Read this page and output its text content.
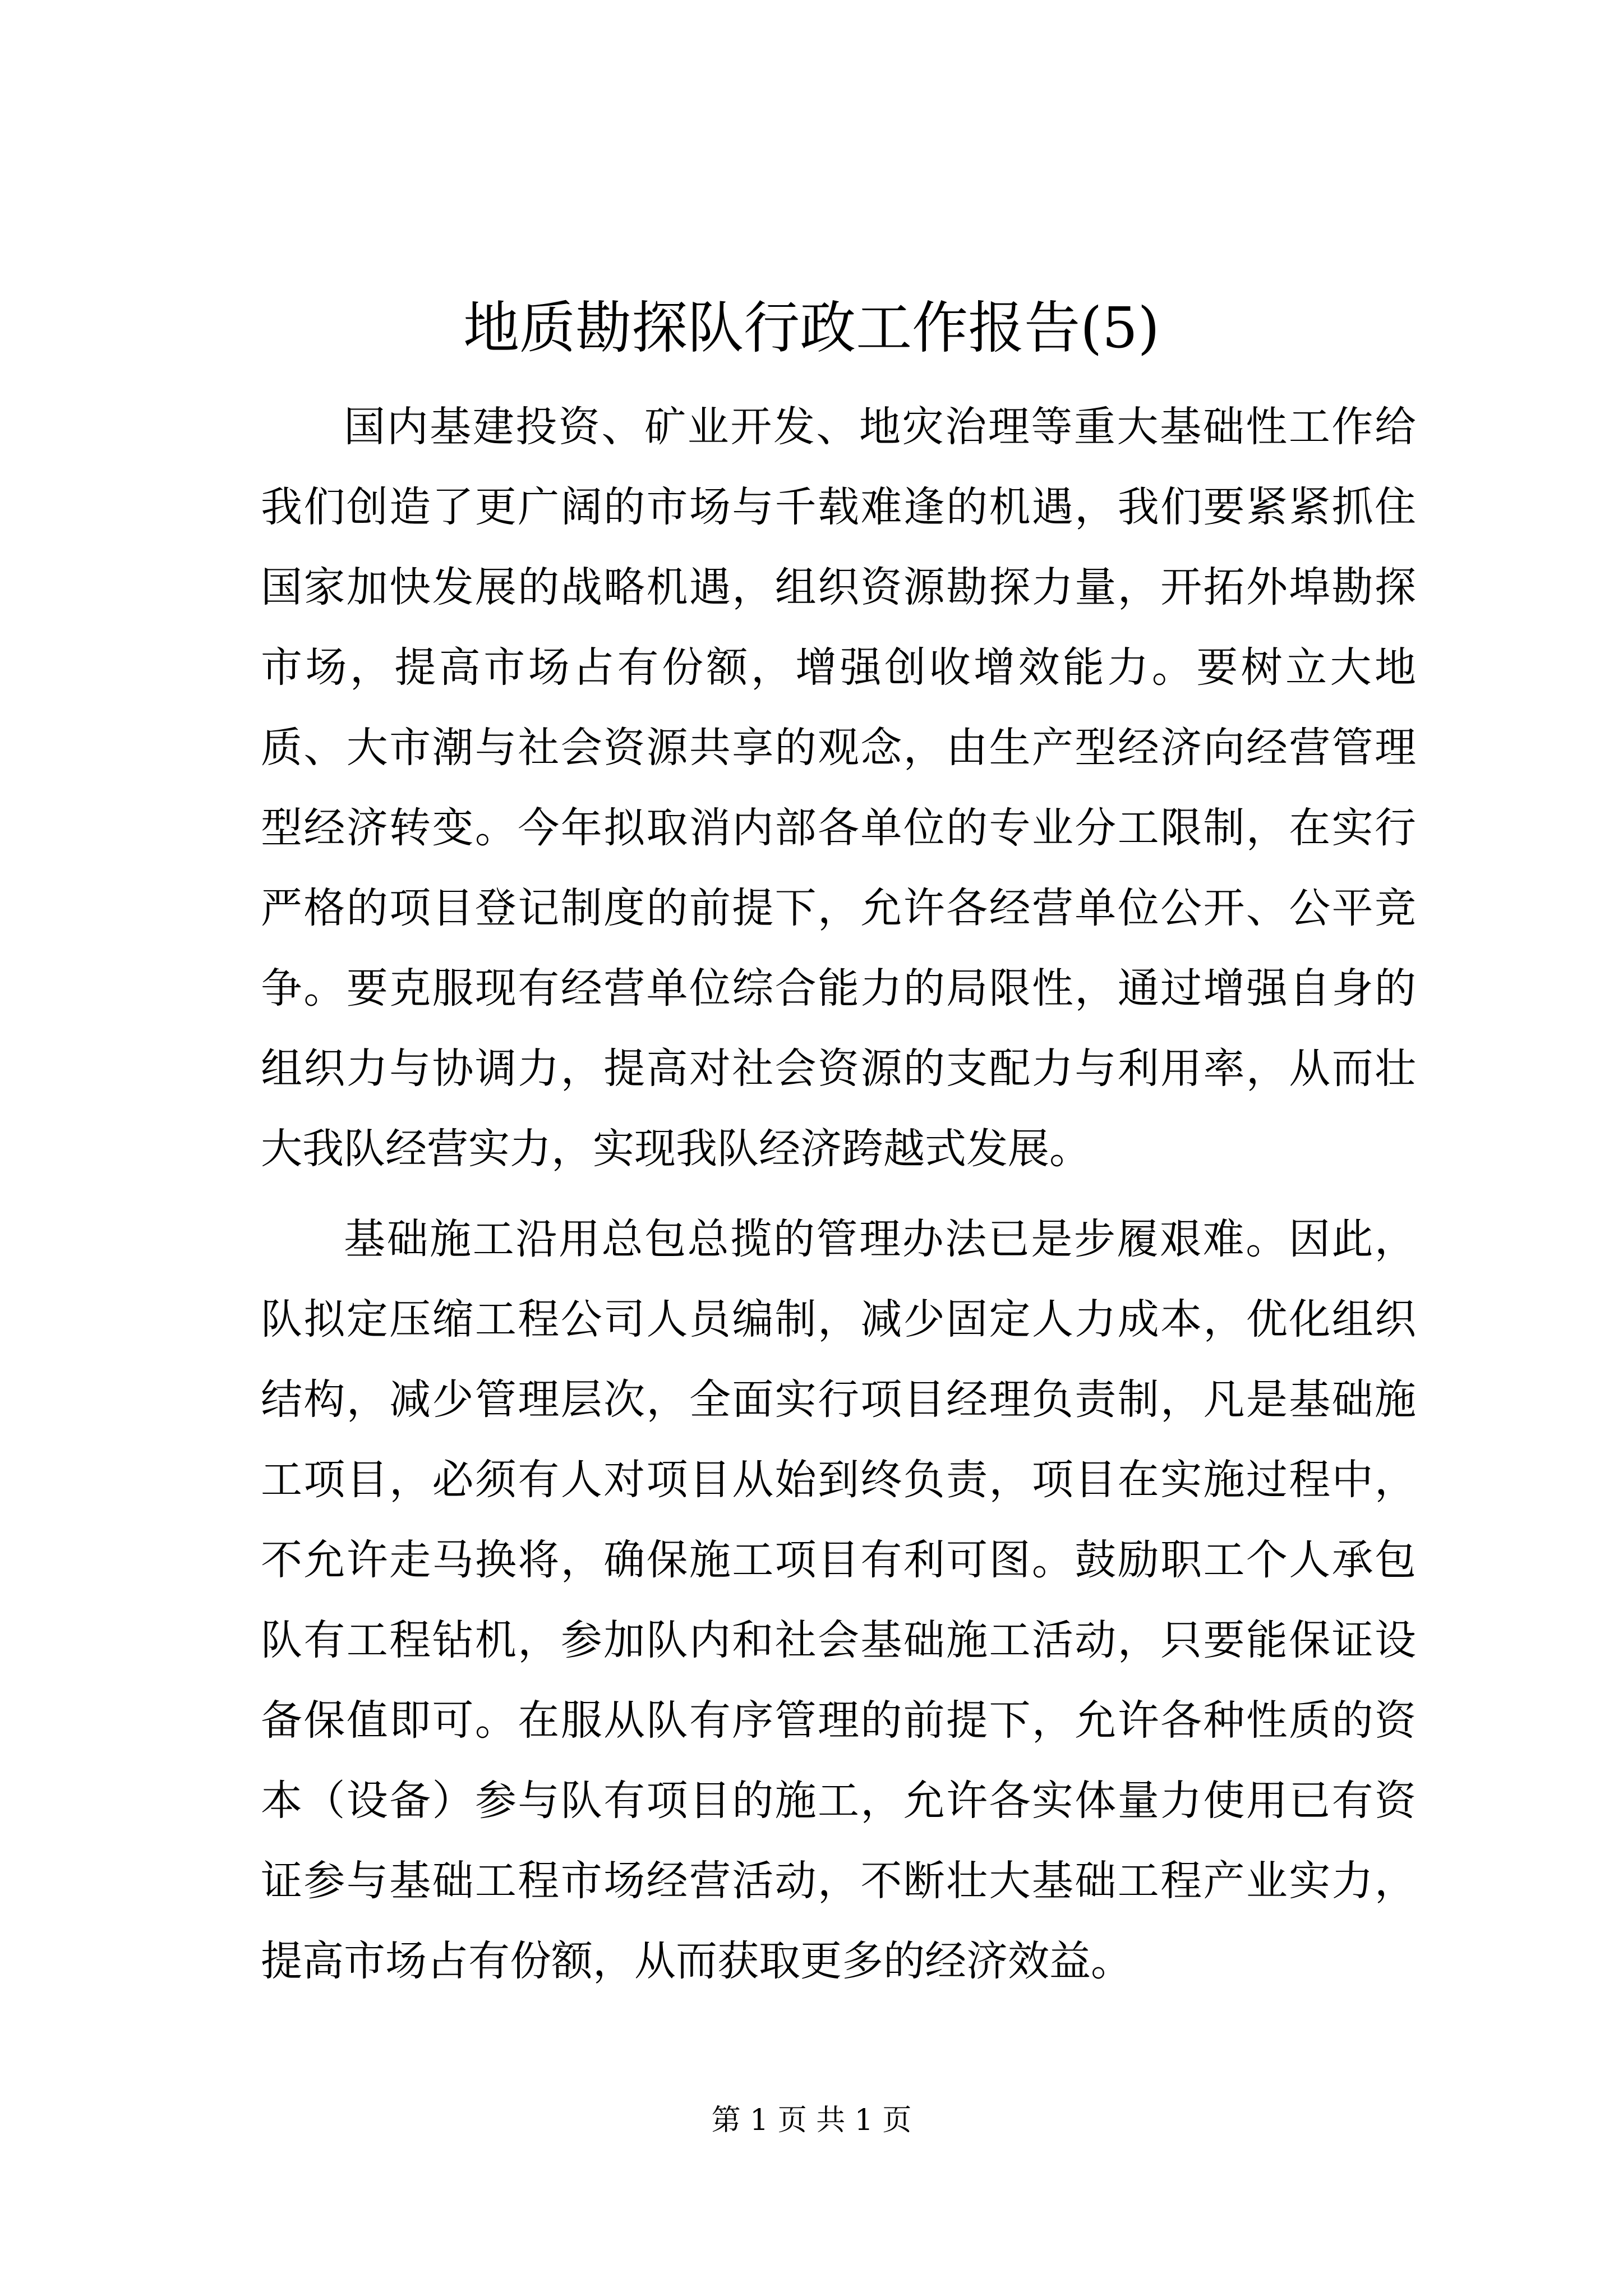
地质勘探队行政工作报告(5)

国内基建投资、矿业开发、地灾治理等重大基础性工作给我们创造了更广阔的市场与千载难逢的机遇，我们要紧紧抓住国家加快发展的战略机遇，组织资源勘探力量，开拓外埠勘探市场，提高市场占有份额，增强创收增效能力。要树立大地质、大市潮与社会资源共享的观念，由生产型经济向经营管理型经济转变。今年拟取消内部各单位的专业分工限制，在实行严格的项目登记制度的前提下，允许各经营单位公开、公平竞争。要克服现有经营单位综合能力的局限性，通过增强自身的组织力与协调力，提高对社会资源的支配力与利用率，从而壮大我队经营实力，实现我队经济跨越式发展。

基础施工沿用总包总揽的管理办法已是步履艰难。因此，队拟定压缩工程公司人员编制，减少固定人力成本，优化组织结构，减少管理层次，全面实行项目经理负责制，凡是基础施工项目，必须有人对项目从始到终负责，项目在实施过程中，不允许走马换将，确保施工项目有利可图。鼓励职工个人承包队有工程钻机，参加队内和社会基础施工活动，只要能保证设备保值即可。在服从队有序管理的前提下，允许各种性质的资本（设备）参与队有项目的施工，允许各实体量力使用已有资证参与基础工程市场经营活动，不断壮大基础工程产业实力，提高市场占有份额，从而获取更多的经济效益。

第 1 页 共 1 页
